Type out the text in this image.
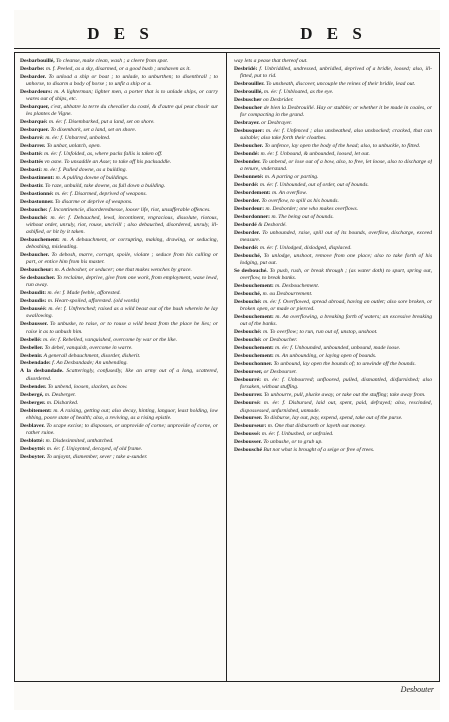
D E S	D E S

Desbarbouillé, To cleanse, make clean, wash ; a cleere from spot.

Desbarbe: m. f. Peeled, as a sky, disarmed, or a good bush ; unshaven as it.

Desbarder. To unload a ship or boat ; to unlade, to unburthen; to disenthrall ; to unhorse, to disarm a body of horse ; to unfit a ship or a.

Desbardeurs: m. A lighterman; lighter men, a porter that is to unlade ships, or carry wares out of ships, etc.

Desbarquer, c'est, abbatre la terre du chevalier du costé, & d'autre qui peut chosir sur les plantes de Vigne.

Desbarqué: m. ée: f. Disembarked, put a land, set on shore.

Desbarquer. To disembark, set a land, set on shore.

Desbarré: m. ée: f. Unbarred, unbolted.

Desbarrer. To unbar, unlatch, open.

Desbatté: m. ée: f. Unfolded, as, where packs fallis is taken off.

Desbattés vn asne. To unsaddle an Asse; to take off his packsaddle.

Desbastí: m. ée: f. Pulled downe, as a building.

Desbastiment: m. A pulling downe of buildings.

Desbastir. To raze, unbuild, take downe, as full down a building.

Desbastionné: m. ée: f. Disarmed, deprived of weapons.

Desbastonner. To disarme or deprive of weapons.

Desbauche: f. Incontinencie, disorderednesse, looser life, riot, unsufferable offences.

Desbauché: m. ée: f. Debauched, lewd, incontinent, vngracious, dissolute, riotous, without order, unruly, riot, rouse, uncivill ; also debauched, disordered, unruly, ill-ashified, or hit by it taken.

Desbauchement: m. A debauchment, or corrupting, making, drawing, or seducing, deboshing, misleading.

Desbaucher. To debosh, marre, corrupt, spoile, violate ; seduce from his calling or part, or entice him from his master.

Desbaucheur: m. A debosher, or seducer; one that makes wenches by grace.

Se desbaucher. To reclaime, deprive, give from one work, from employment, waxe lewd, run away.

Desbaudit: m. ée: f. Made feeble, afforested.

Desbaudis: m. Heart-spoiled, afforested. (old words)

Desbauséé: m. ée: f. Unfrenched; raised as a wild beast out of the bush wherein he lay swallowing.

Desbausser. To unbuske, to raise, or to rouse a wild beast from the place he lies; or raise it as to unbush him.

Desbellé: m. ée: f. Rebelled, vanquished, overcome by war or the like.

Desbeller. To debel, vanquish, overcome in warre.

Desbenir. A generall debauchment, disorder, disherit.

Desbendade: f. An Desbandade; An unbending.

A la desbandade. Scatteringly, confusedly, like an army out of a long, scattered, disordered.

Desbender. To unbend, loosen, slacken, as bow.

Desbergé, m. Desberger.

Desberger. m. Disbarked.

Desbitement: m. A raising, getting out; also decay, hinting, languor, least holding, low ebbing, poore state of health; also, a reviving, as a rising epistle.

Desblaver. To scape excise; to disposses, or unprovide of corne; unprovide of corne, or rather ruine.

Desblotté: m. Disdesinmited, unthatched.

Desboytté: m. ée: f. Unjoynted, decayed, of old frame.

Desboyter. To unjoynt, dismember, sever ; take a-sunder.

way lets a pease that thereof out.

Desbridé: f. Unbriddled, undressed, unbridled, deprived of a bridle, loosed; also, ill-fitted, put to rid.

Desbrouiller. To unsheath, discover, uncouple the reines of their bridle, lead out.

Desbrouillé, m. ée: f. Unbloated, as the eye.

Desbuscher on Desbrider.

Desboucher de bien la Desbrouillé. Hay or stubble; or whether it be made in coales, or for compacting in the grand.

Desbrayer. or Desbrayer.

Desbusquer: m. ée: f. Unfenced ; also unsheathed, also unshocked; cracked, that can suitable; also take forth their cloathes.

Desboucher. To unfence, lay open the body of the head; also, to unbuckle, to fitted.

Desbondé: m. ée: f. Unbound, & unbounded, loosed, let out.

Desbonder. To unbend, or lose out of a bow, also, to free, let loose, also to discharge of a tenure, vnderstand.

Desbonneté: m. A parting or parting.

Desbordé: m. ée: f. Unbounded, out of order, out of bounds.

Desbordement: m. An overflow.

Desborder. To overflow, to spill as his bounds.

Desbordeur: m. Desborder; one who makes overflows.

Desbordonner: m. The being out of bounds.

Desbordé & Desbordé.

Desborder. To unbounded, raise, spill out of its bounds, overflow, discharge, exceed measure.

Desbordé: m. ée: f. Unlodged, dislodged, displaced.

Desbouché, To unlodge, unshoot, remove from one place; also to take forth of his lodging, put out.

Se desbouché. To push, rush, or break through ; (as water doth) to spurt, spring out, overflow, to break banks.

Desbouchement: m. Desbouchement.

Desbouché, m. ou Desbourrement.

Desbouché: m. ée: f. Overflowed, spread abroad, having an outlet; also sore broken, or broken open, or made or pierced.

Desbouchement: m. An overflowing, a breaking forth of waters; an excessive breaking out of the banks.

Desbouché: m. To overflow; to run, run out of, unstop, unshoot.

Desbouché: or Desboucher.

Desbouchement: m. ée: f. Unbounded, unbounded, unbound, made loose.

Desbouchement: m. An unbounding, or laying open of bounds.

Desbouchonner. To unbound, lay open the bounds of; to unwinde off the bounds.

Desbourser, or Desbourser.

Desbourré: m. ée: f. Unbourred; unfloored, pulled, dismantled, disfurnished; also forsaken, without stuffing.

Desbourrer. To unbourre, pull, plucke away, or take out the stuffing; take away from.

Desboursé: m. ée: f. Disbursed, laid out, spent, paid, defrayed; also, rescinded, dispossessed, unfurnished, unmade.

Desbourser. To disburse, lay out, pay, expend, spend, take out of the purse.

Desbourseur: m. One that disburseth or layeth out money.

Desboussé: m. ée: f. Unbushed, or unfraied.

Desbousser. To unbushe, or to grub up.

Desbousché But not what is brought of a seige or free of trees.

Desbouter
